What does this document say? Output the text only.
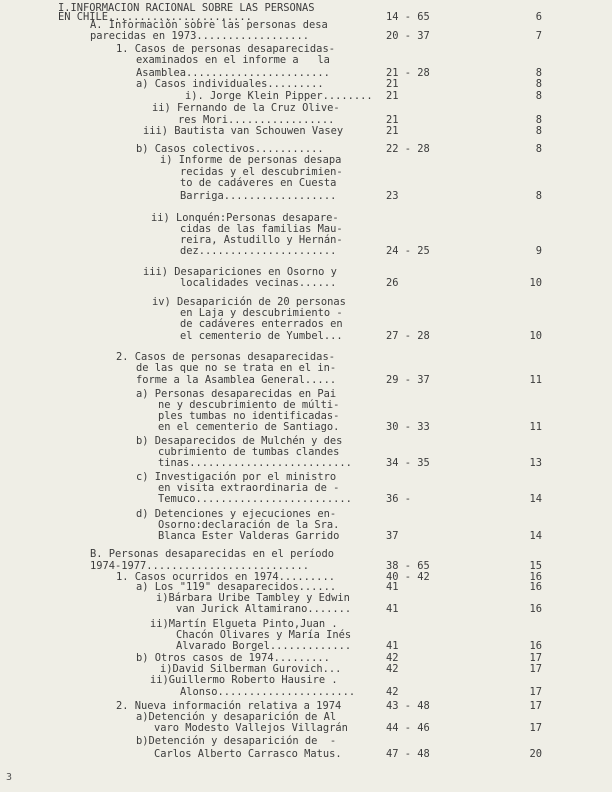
I.INFORMACION RACIONAL SOBRE LAS PERSONAS
EN CHILE.......................	14 - 65	6
A. Información sobre las personas desa
parecidas en 1973..................	20 - 37	7
1. Casos de personas desaparecidas-
examinados en el informe a   la
Asamblea.......................	21 - 28	8
a) Casos individuales.........	21	8
i). Jorge Klein Pipper........ 21	8
ii) Fernando de la Cruz Olive-
res Mori.................	21	8
iii) Bautista van Schouwen Vasey	21	8
b) Casos colectivos...........	22 - 28	8
i) Informe de personas desapa
recidas y el descubrimien-
to de cadáveres en Cuesta
Barriga..................	23	8
ii) Lonquén:Personas desapare-
cidas de las familias Mau-
reira, Astudillo y Hernán-
dez......................	24 - 25	9
iii) Desapariciones en Osorno y
localidades vecinas......	26	10
iv) Desaparición de 20 personas
en Laja y descubrimiento -
de cadáveres enterrados en
el cementerio de Yumbel...	27 - 28	10
2. Casos de personas desaparecidas-
de las que no se trata en el in-
forme a la Asamblea General.....	29 - 37	11
a) Personas desaparecidas en Pai
ne y descubrimiento de múlti-
ples tumbas no identificadas-
en el cementerio de Santiago.	30 - 33	11
b) Desaparecidos de Mulchén y des
cubrimiento de tumbas clandes
tinas..........................	34 - 35	13
c) Investigación por el ministro
en visita extraordinaria de -
Temuco.........................	36 -	14
d) Detenciones y ejecuciones en-
Osorno:declaración de la Sra.
Blanca Ester Valderas Garrido	37	14
B. Personas desaparecidas en el período
1974-1977..........................	38 - 65	15
1. Casos ocurridos en 1974.........	40 - 42	16
a) Los "119" desaparecidos......	41	16
i)Bárbara Uribe Tambley y Edwin
van Jurick Altamirano.......	41	16
ii)Martín Elgueta Pinto,Juan .
Chacón Olivares y María Inés
Alvarado Borgel.............	41	16
b) Otros casos de 1974.........	42	17
i)David Silberman Gurovich...	42	17
ii)Guillermo Roberto Hausire .
Alonso......................	42	17
2. Nueva información relativa a 1974	43 - 48	17
a)Detención y desaparición de Al
varo Modesto Vallejos Villagrán	44 - 46	17
b)Detención y desaparición de  -
Carlos Alberto Carrasco Matus.	47 - 48	20
3
